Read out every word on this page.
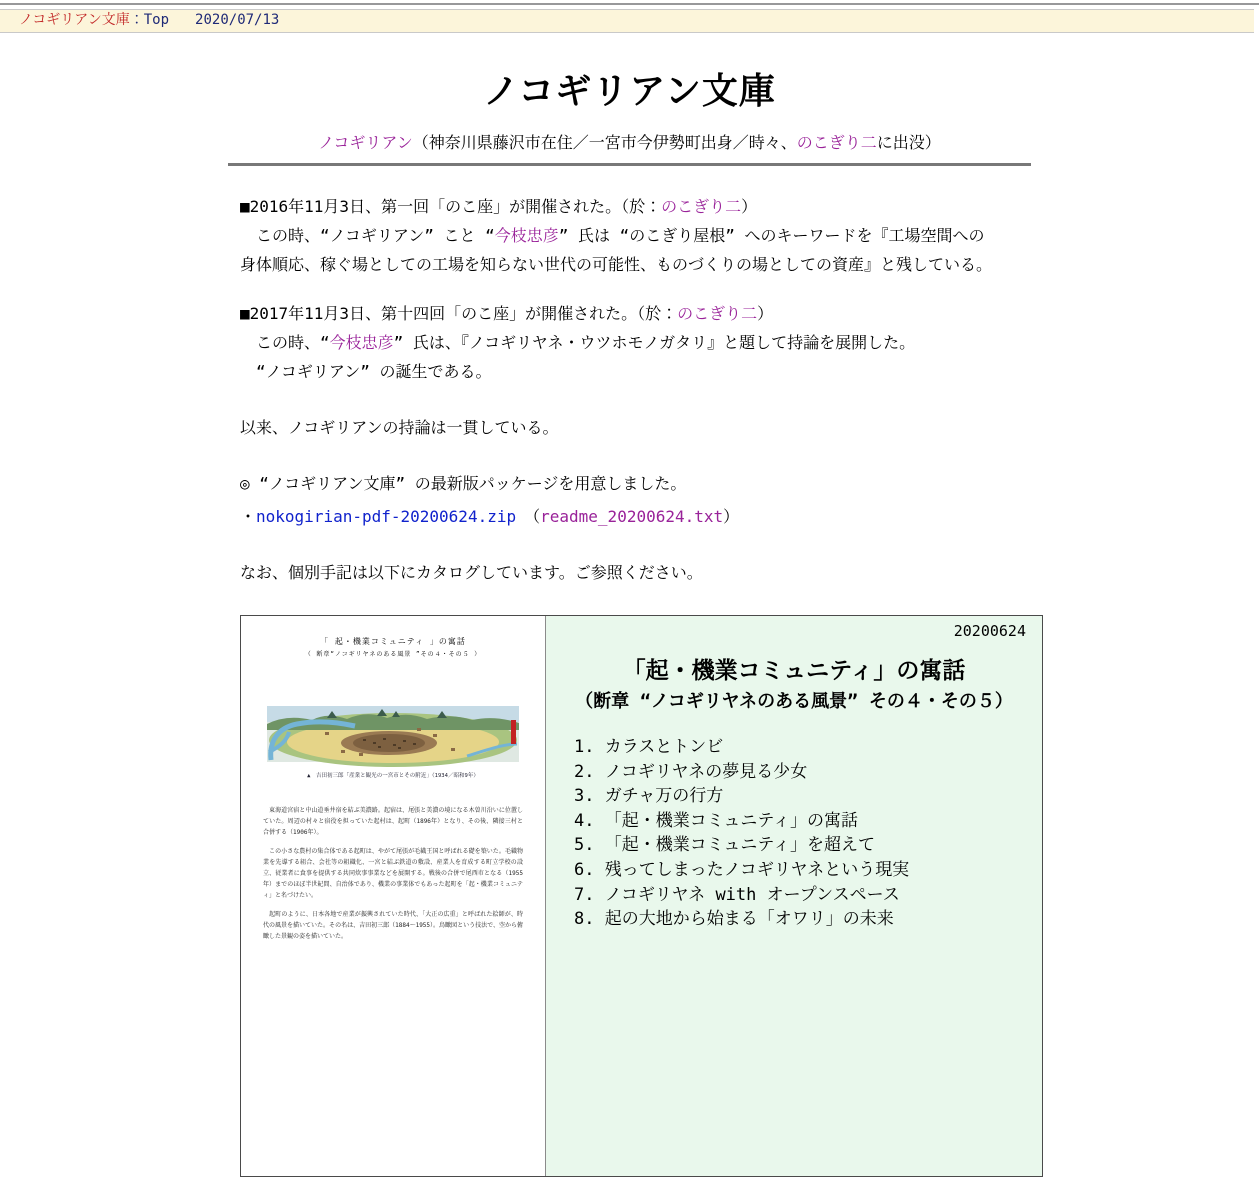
ノコギリアン文庫：Top 2020/07/13
ノコギリアン文庫

ノコギリアン（神奈川県藤沢市在住／一宮市今伊勢町出身／時々、のこぎり二に出没）

■2016年11月3日、第一回「のこ座」が開催された。（於：のこぎり二）

　この時、“ノコギリアン” こと “今枝忠彦” 氏は “のこぎり屋根” へのキーワードを『工場空間への身体順応、稼ぐ場としての工場を知らない世代の可能性、ものづくりの場としての資産』と残している。

■2017年11月3日、第十四回「のこ座」が開催された。（於：のこぎり二）

　この時、“今枝忠彦” 氏は、『ノコギリヤネ・ウツホモノガタリ』と題して持論を展開した。

　“ノコギリアン” の誕生である。

以来、ノコギリアンの持論は一貫している。

◎ “ノコギリアン文庫” の最新版パッケージを用意しました。

・nokogirian-pdf-20200624.zip　（readme_20200624.txt）

なお、個別手記は以下にカタログしています。ご参照ください。

「 起・機業コミュニティ 」の寓話

（ 断章“ノコギリヤネのある風景 ”その４・その５ ）

▲　吉田初三郎「産業と観光の一宮市とその附近」（1934／昭和9年）

　東海道宮宿と中山道垂井宿を結ぶ美濃路。起宿は、尾張と美濃の境になる木曽川沿いに位置していた。周辺の村々と宿役を担っていた起村は、起町（1896年）となり、その後、隣接三村と合併する（1906年）。

　この小さな農村の集合体である起町は、やがて尾張が毛織王国と呼ばれる礎を築いた。毛織物業を先導する組合、会社等の組織化、一宮と結ぶ鉄道の敷設、産業人を育成する町立学校の設立、従業者に食事を提供する共同炊事事業などを展開する。戦後の合併で尾西市となる（1955年）までのほぼ半世紀間、自治体であり、機業の事業体でもあった起町を「起・機業コミュニティ」と名づけたい。

　起町のように、日本各地で産業が振興されていた時代、「大正の広重」と呼ばれた絵師が、時代の風景を描いていた。その名は、吉田初三郎（1884〜1955）。鳥瞰図という技法で、空から俯瞰した景観の姿を描いていた。

20200624
「起・機業コミュニティ」の寓話
（断章 “ノコギリヤネのある風景” その４・その５）
カラスとトンビ
ノコギリヤネの夢見る少女
ガチャ万の行方
「起・機業コミュニティ」の寓話
「起・機業コミュニティ」を超えて
残ってしまったノコギリヤネという現実
ノコギリヤネ with オープンスペース
起の大地から始まる「オワリ」の未来
